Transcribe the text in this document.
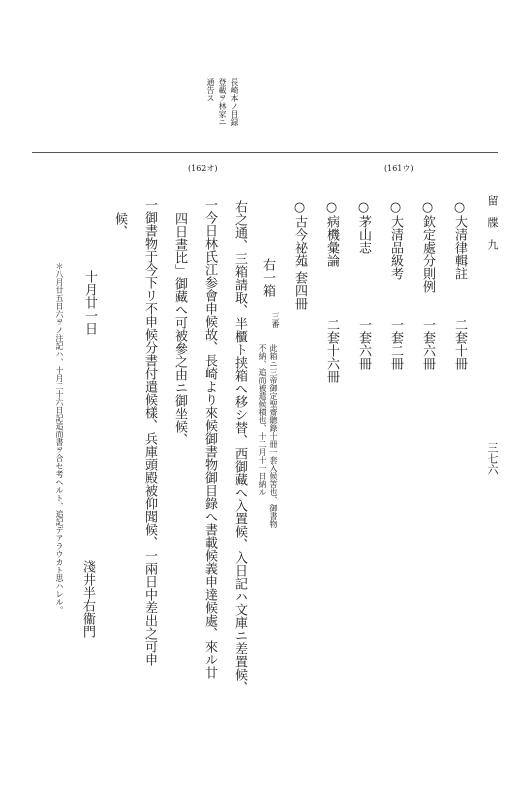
長崎本ノ目録
登載ヲ林家ニ
通告ス
(162オ)	(161ウ)
留　牒　九
三七六
○大清律輯註
○欽定處分則例
○大清品級考
○茅山志
○病機彙論
○古今祕苑
二套十冊
一套六冊
一套二冊
一套六冊
二套十六冊
一套四冊
右一箱
三番
此箱ニ三帝御定聖齋聽錄十冊一套入候筈也、御書物
不納、追而被遣候積也、十二月十一日納ル
右之通、三箱請取、半櫃ト挟箱へ移シ替、西御藏へ入置候、入日記ハ文庫ニ差置候、
一今日林氏江参會申候故、長崎より來候御書物御目錄へ書載候義申達候處、來ル廿
四日晝比」御藏へ可被參之由ニ御坐候、
一御書物于今下リ不申候分書付遣候樣、兵庫頭殿被仰聞候、一兩日中差出之可申
候、
十月廿一日
淺井半右衞門
＊八月廿五日六ヲノ注記ハ、十月二十六日記追而書ヲ合セ考ヘルト、追記デアラウカト思ハレル。
